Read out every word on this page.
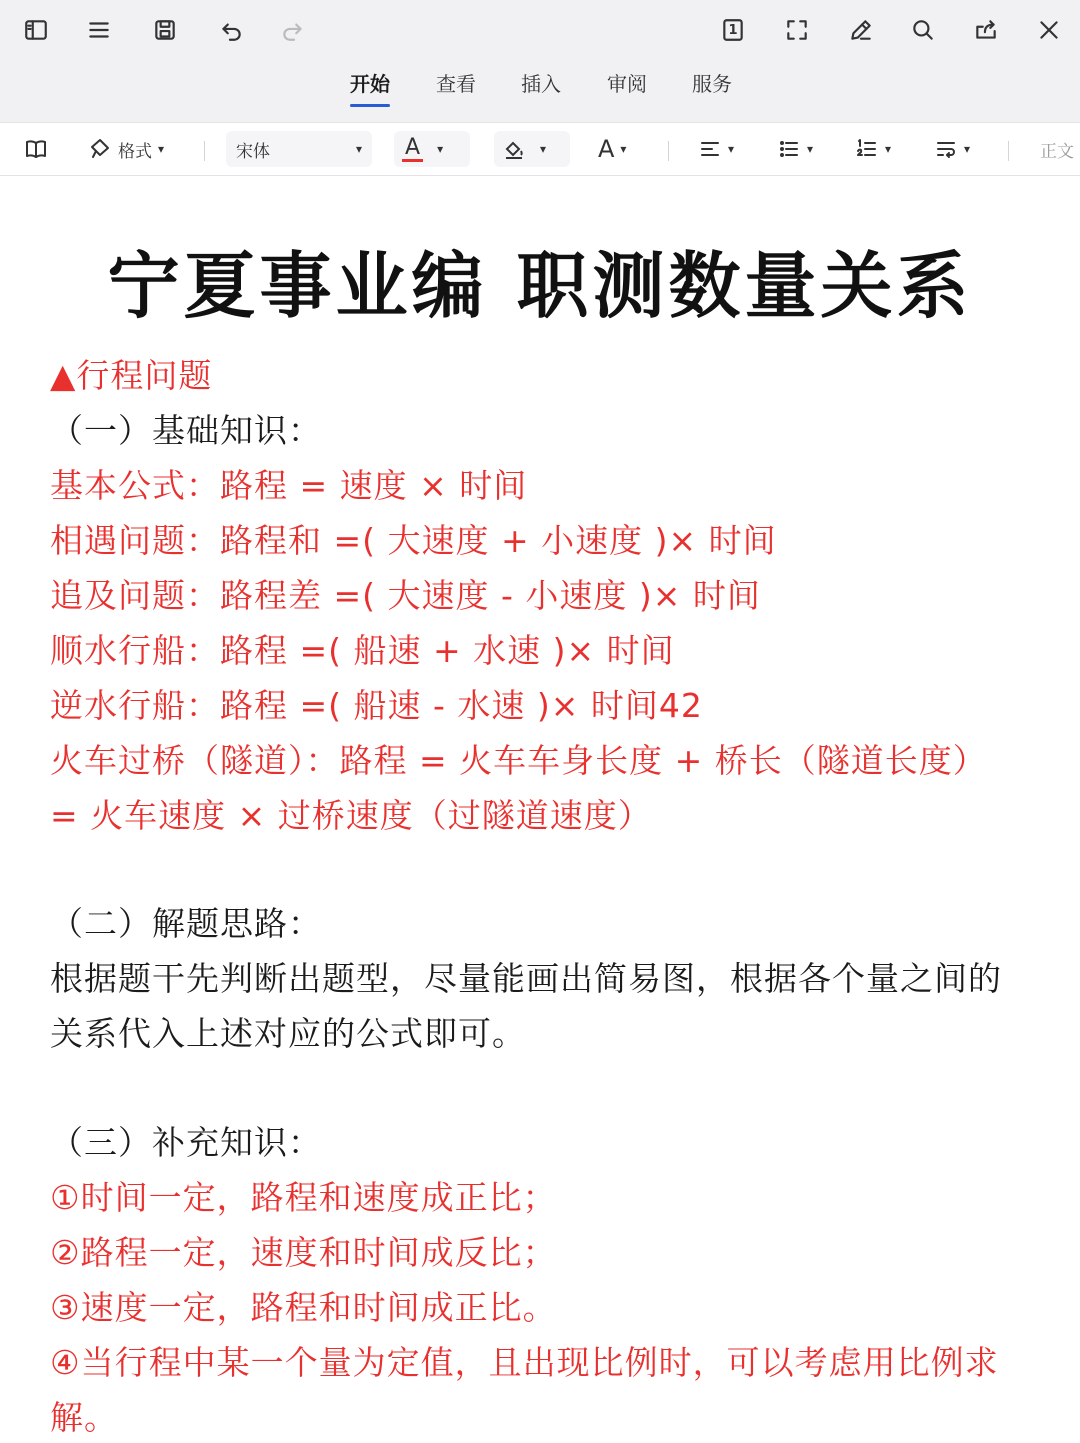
1
开始 查看 插入 审阅 服务
格式 ▾	宋体	▾ A ▾	▾ A ▾	▾	▾	▾	▾	正文
宁夏事业编 职测数量关系
▲行程问题
（一）基础知识：
基本公式：路程 = 速度 × 时间
相遇问题：路程和 =( 大速度 + 小速度 )× 时间
追及问题：路程差 =( 大速度 - 小速度 )× 时间
顺水行船：路程 =( 船速 + 水速 )× 时间
逆水行船：路程 =( 船速 - 水速 )× 时间42
火车过桥（隧道）：路程 = 火车车身长度 + 桥长（隧道长度）
= 火车速度 × 过桥速度（过隧道速度）
（二）解题思路：
根据题干先判断出题型，尽量能画出简易图，根据各个量之间的
关系代入上述对应的公式即可。
（三）补充知识：
①时间一定，路程和速度成正比；
②路程一定，速度和时间成反比；
③速度一定，路程和时间成正比。
④当行程中某一个量为定值，且出现比例时，可以考虑用比例求
解。
